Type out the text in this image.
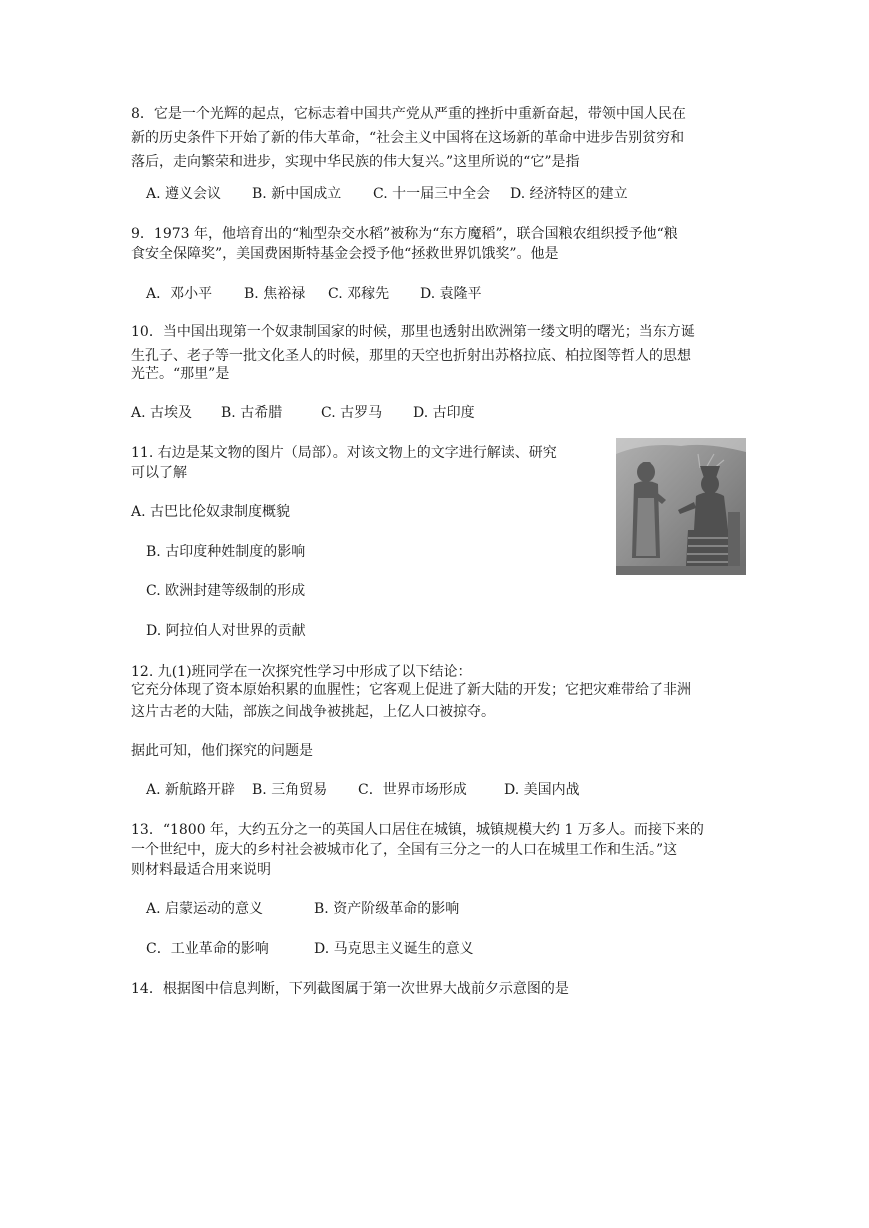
8．它是一个光辉的起点，它标志着中国共产党从严重的挫折中重新奋起，带领中国人民在
新的历史条件下开始了新的伟大革命，“社会主义中国将在这场新的革命中进步告别贫穷和
落后，走向繁荣和进步，实现中华民族的伟大复兴。”这里所说的“它”是指
A. 遵义会议 B. 新中国成立 C. 十一届三中全会 D. 经济特区的建立
9．1973 年，他培育出的“籼型杂交水稻”被称为“东方魔稻”，联合国粮农组织授予他“粮
食安全保障奖”，美国费困斯特基金会授予他“拯救世界饥饿奖”。他是
A．邓小平 B. 焦裕禄 C. 邓稼先 D. 袁隆平
10．当中国出现第一个奴隶制国家的时候，那里也透射出欧洲第一缕文明的曙光；当东方诞
生孔子、老子等一批文化圣人的时候，那里的天空也折射出苏格拉底、柏拉图等哲人的思想
光芒。“那里”是
A. 古埃及 B. 古希腊	C. 古罗马 D. 古印度
11. 右边是某文物的图片（局部）。对该文物上的文字进行解读、研究
可以了解
A. 古巴比伦奴隶制度概貌
B. 古印度种姓制度的影响
C. 欧洲封建等级制的形成
D. 阿拉伯人对世界的贡献
12. 九(1)班同学在一次探究性学习中形成了以下结论：
它充分体现了资本原始积累的血腥性；它客观上促进了新大陆的开发；它把灾难带给了非洲
这片古老的大陆，部族之间战争被挑起，上亿人口被掠夺。
据此可知，他们探究的问题是
A. 新航路开辟 B. 三角贸易 C．世界市场形成	D. 美国内战
13．“1800 年，大约五分之一的英国人口居住在城镇，城镇规模大约 1 万多人。而接下来的
一个世纪中，庞大的乡村社会被城市化了，全国有三分之一的人口在城里工作和生活。”这
则材料最适合用来说明
A. 启蒙运动的意义	B. 资产阶级革命的影响
C．工业革命的影响	D. 马克思主义诞生的意义
14．根据图中信息判断，下列截图属于第一次世界大战前夕示意图的是
